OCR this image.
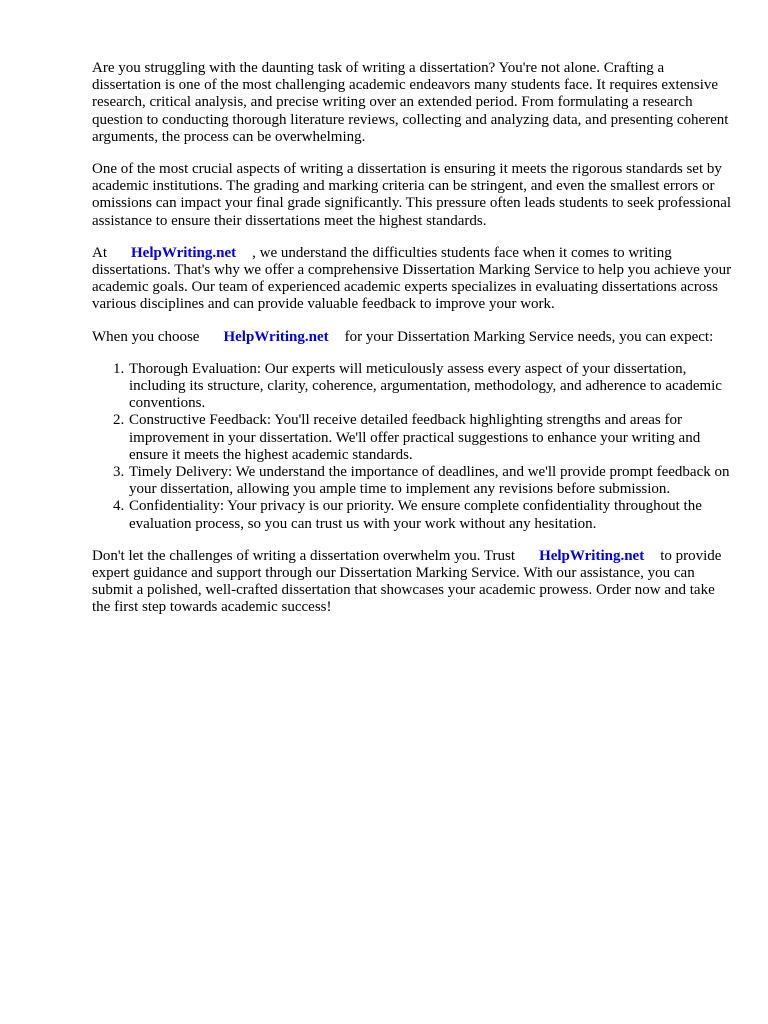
Are you struggling with the daunting task of writing a dissertation? You're not alone. Crafting a dissertation is one of the most challenging academic endeavors many students face. It requires extensive research, critical analysis, and precise writing over an extended period. From formulating a research question to conducting thorough literature reviews, collecting and analyzing data, and presenting coherent arguments, the process can be overwhelming.

One of the most crucial aspects of writing a dissertation is ensuring it meets the rigorous standards set by academic institutions. The grading and marking criteria can be stringent, and even the smallest errors or omissions can impact your final grade significantly. This pressure often leads students to seek professional assistance to ensure their dissertations meet the highest standards.

At HelpWriting.net , we understand the difficulties students face when it comes to writing dissertations. That's why we offer a comprehensive Dissertation Marking Service to help you achieve your academic goals. Our team of experienced academic experts specializes in evaluating dissertations across various disciplines and can provide valuable feedback to improve your work.

When you choose HelpWriting.net for your Dissertation Marking Service needs, you can expect:

1. Thorough Evaluation: Our experts will meticulously assess every aspect of your dissertation, including its structure, clarity, coherence, argumentation, methodology, and adherence to academic conventions.
2. Constructive Feedback: You'll receive detailed feedback highlighting strengths and areas for improvement in your dissertation. We'll offer practical suggestions to enhance your writing and ensure it meets the highest academic standards.
3. Timely Delivery: We understand the importance of deadlines, and we'll provide prompt feedback on your dissertation, allowing you ample time to implement any revisions before submission.
4. Confidentiality: Your privacy is our priority. We ensure complete confidentiality throughout the evaluation process, so you can trust us with your work without any hesitation.

Don't let the challenges of writing a dissertation overwhelm you. Trust HelpWriting.net to provide expert guidance and support through our Dissertation Marking Service. With our assistance, you can submit a polished, well-crafted dissertation that showcases your academic prowess. Order now and take the first step towards academic success!
